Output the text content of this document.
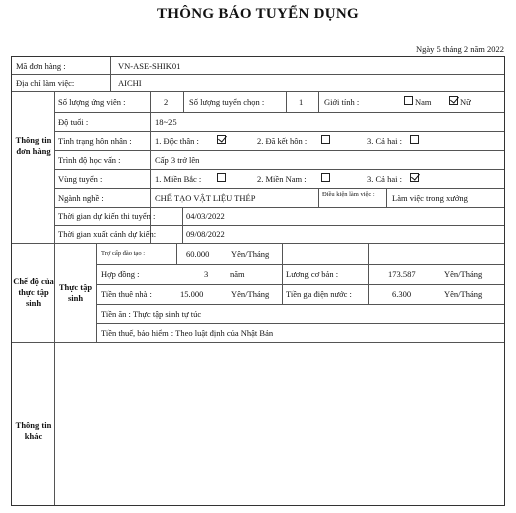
THÔNG BÁO TUYỂN DỤNG
Ngày 5 tháng 2 năm 2022
Mã đơn hàng :	VN-ASE-SHIK01
Địa chỉ làm việc:	AICHI
Thông tin đơn hàng
Số lượng ứng viên :	2 Số lượng tuyển chọn :	1 Giới tính :	Nam	Nữ
Độ tuổi :	18~25
Tình trạng hôn nhân :	1. Độc thân :	2. Đã kết hôn :	3. Cả hai :
Trình độ học vấn :	Cấp 3 trở lên
Vùng tuyển :	1. Miền Bắc :	2. Miền Nam :	3. Cả hai :
Ngành nghề :	CHẾ TẠO VẬT LIỆU THÉP	Điều kiện làm việc :	Làm việc trong xưởng
Thời gian dự kiến thi tuyển :	04/03/2022
Thời gian xuất cảnh dự kiến:	09/08/2022
Chế độ của thực tập sinh
Thực tập sinh
Trợ cấp đào tạo :	60.000	Yên/Tháng
Hợp đồng :	3	năm	Lương cơ bản :	173.587	Yên/Tháng
Tiền thuê nhà :	15.000	Yên/Tháng Tiền ga điện nước :	6.300	Yên/Tháng
Tiền ăn : Thực tập sinh tự túc
Tiền thuế, bảo hiểm : Theo luật định của Nhật Bản
Thông tin khác
